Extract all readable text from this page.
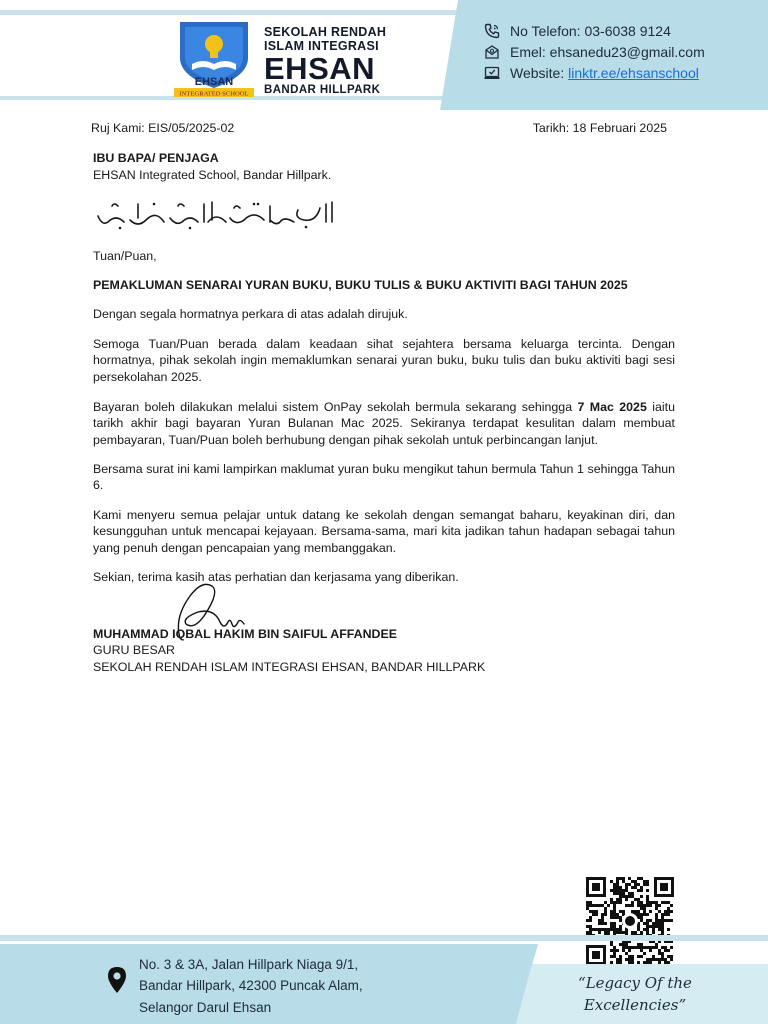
EHSAN
INTEGRATED SCHOOL
SEKOLAH RENDAH
ISLAM INTEGRASI
EHSAN
BANDAR HILLPARK
No Telefon: 03-6038 9124
Emel: ehsanedu23@gmail.com
Website: linktr.ee/ehsanschool
Ruj Kami: EIS/05/2025-02	Tarikh: 18 Februari 2025
IBU BAPA/ PENJAGA
EHSAN Integrated School, Bandar Hillpark.
Tuan/Puan,
PEMAKLUMAN SENARAI YURAN BUKU, BUKU TULIS & BUKU AKTIVITI BAGI TAHUN 2025
Dengan segala hormatnya perkara di atas adalah dirujuk.
Semoga Tuan/Puan berada dalam keadaan sihat sejahtera bersama keluarga tercinta. Dengan hormatnya, pihak sekolah ingin memaklumkan senarai yuran buku, buku tulis dan buku aktiviti bagi sesi persekolahan 2025.
Bayaran boleh dilakukan melalui sistem OnPay sekolah bermula sekarang sehingga 7 Mac 2025 iaitu tarikh akhir bagi bayaran Yuran Bulanan Mac 2025. Sekiranya terdapat kesulitan dalam membuat pembayaran, Tuan/Puan boleh berhubung dengan pihak sekolah untuk perbincangan lanjut.
Bersama surat ini kami lampirkan maklumat yuran buku mengikut tahun bermula Tahun 1 sehingga Tahun 6.
Kami menyeru semua pelajar untuk datang ke sekolah dengan semangat baharu, keyakinan diri, dan kesungguhan untuk mencapai kejayaan. Bersama-sama, mari kita jadikan tahun hadapan sebagai tahun yang penuh dengan pencapaian yang membanggakan.
Sekian, terima kasih atas perhatian dan kerjasama yang diberikan.
MUHAMMAD IQBAL HAKIM BIN SAIFUL AFFANDEE
GURU BESAR
SEKOLAH RENDAH ISLAM INTEGRASI EHSAN, BANDAR HILLPARK
No. 3 & 3A, Jalan Hillpark Niaga 9/1,
Bandar Hillpark, 42300 Puncak Alam,
Selangor Darul Ehsan
“Legacy Of the
Excellencies”
